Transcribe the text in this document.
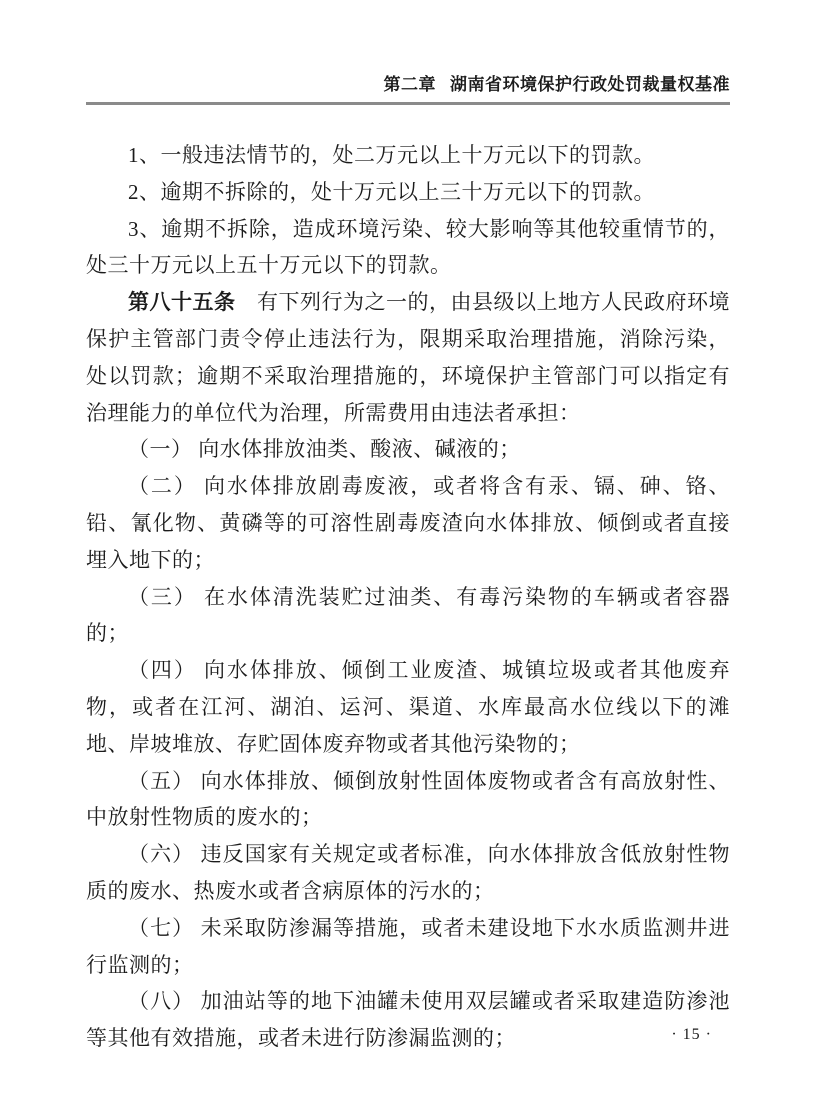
第二章 湖南省环境保护行政处罚裁量权基准

1、一般违法情节的，处二万元以上十万元以下的罚款。

2、逾期不拆除的，处十万元以上三十万元以下的罚款。

3、逾期不拆除，造成环境污染、较大影响等其他较重情节的，处三十万元以上五十万元以下的罚款。

第八十五条　有下列行为之一的，由县级以上地方人民政府环境保护主管部门责令停止违法行为，限期采取治理措施，消除污染，处以罚款；逾期不采取治理措施的，环境保护主管部门可以指定有治理能力的单位代为治理，所需费用由违法者承担：

（一） 向水体排放油类、酸液、碱液的；

（二） 向水体排放剧毒废液，或者将含有汞、镉、砷、铬、铅、氰化物、黄磷等的可溶性剧毒废渣向水体排放、倾倒或者直接埋入地下的；

（三） 在水体清洗装贮过油类、有毒污染物的车辆或者容器的；

（四） 向水体排放、倾倒工业废渣、城镇垃圾或者其他废弃物，或者在江河、湖泊、运河、渠道、水库最高水位线以下的滩地、岸坡堆放、存贮固体废弃物或者其他污染物的；

（五） 向水体排放、倾倒放射性固体废物或者含有高放射性、中放射性物质的废水的；

（六） 违反国家有关规定或者标准，向水体排放含低放射性物质的废水、热废水或者含病原体的污水的；

（七） 未采取防渗漏等措施，或者未建设地下水水质监测井进行监测的；

（八） 加油站等的地下油罐未使用双层罐或者采取建造防渗池等其他有效措施，或者未进行防渗漏监测的；	· 15 ·
